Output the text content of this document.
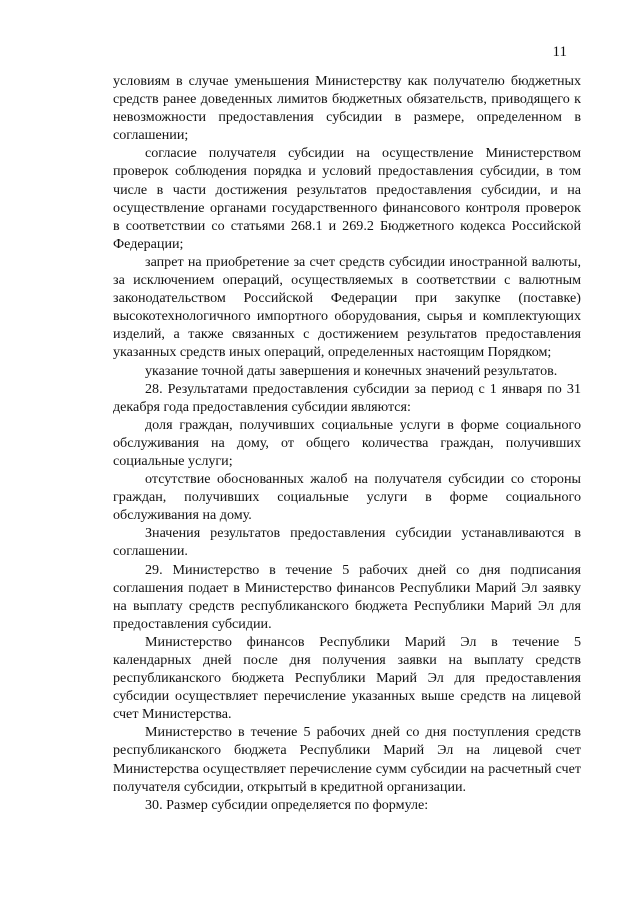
11

условиям в случае уменьшения Министерству как получателю бюджетных средств ранее доведенных лимитов бюджетных обязательств, приводящего к невозможности предоставления субсидии в размере, определенном в соглашении;

согласие получателя субсидии на осуществление Министерством проверок соблюдения порядка и условий предоставления субсидии, в том числе в части достижения результатов предоставления субсидии, и на осуществление органами государственного финансового контроля проверок в соответствии со статьями 268.1 и 269.2 Бюджетного кодекса Российской Федерации;

запрет на приобретение за счет средств субсидии иностранной валюты, за исключением операций, осуществляемых в соответствии с валютным законодательством Российской Федерации при закупке (поставке) высокотехнологичного импортного оборудования, сырья и комплектующих изделий, а также связанных с достижением результатов предоставления указанных средств иных операций, определенных настоящим Порядком;

указание точной даты завершения и конечных значений результатов.

28. Результатами предоставления субсидии за период с 1 января по 31 декабря года предоставления субсидии являются:

доля граждан, получивших социальные услуги в форме социального обслуживания на дому, от общего количества граждан, получивших социальные услуги;

отсутствие обоснованных жалоб на получателя субсидии со стороны граждан, получивших социальные услуги в форме социального обслуживания на дому.

Значения результатов предоставления субсидии устанавливаются в соглашении.

29. Министерство в течение 5 рабочих дней со дня подписания соглашения подает в Министерство финансов Республики Марий Эл заявку на выплату средств республиканского бюджета Республики Марий Эл для предоставления субсидии.

Министерство финансов Республики Марий Эл в течение 5 календарных дней после дня получения заявки на выплату средств республиканского бюджета Республики Марий Эл для предоставления субсидии осуществляет перечисление указанных выше средств на лицевой счет Министерства.

Министерство в течение 5 рабочих дней со дня поступления средств республиканского бюджета Республики Марий Эл на лицевой счет Министерства осуществляет перечисление сумм субсидии на расчетный счет получателя субсидии, открытый в кредитной организации.

30. Размер субсидии определяется по формуле:
